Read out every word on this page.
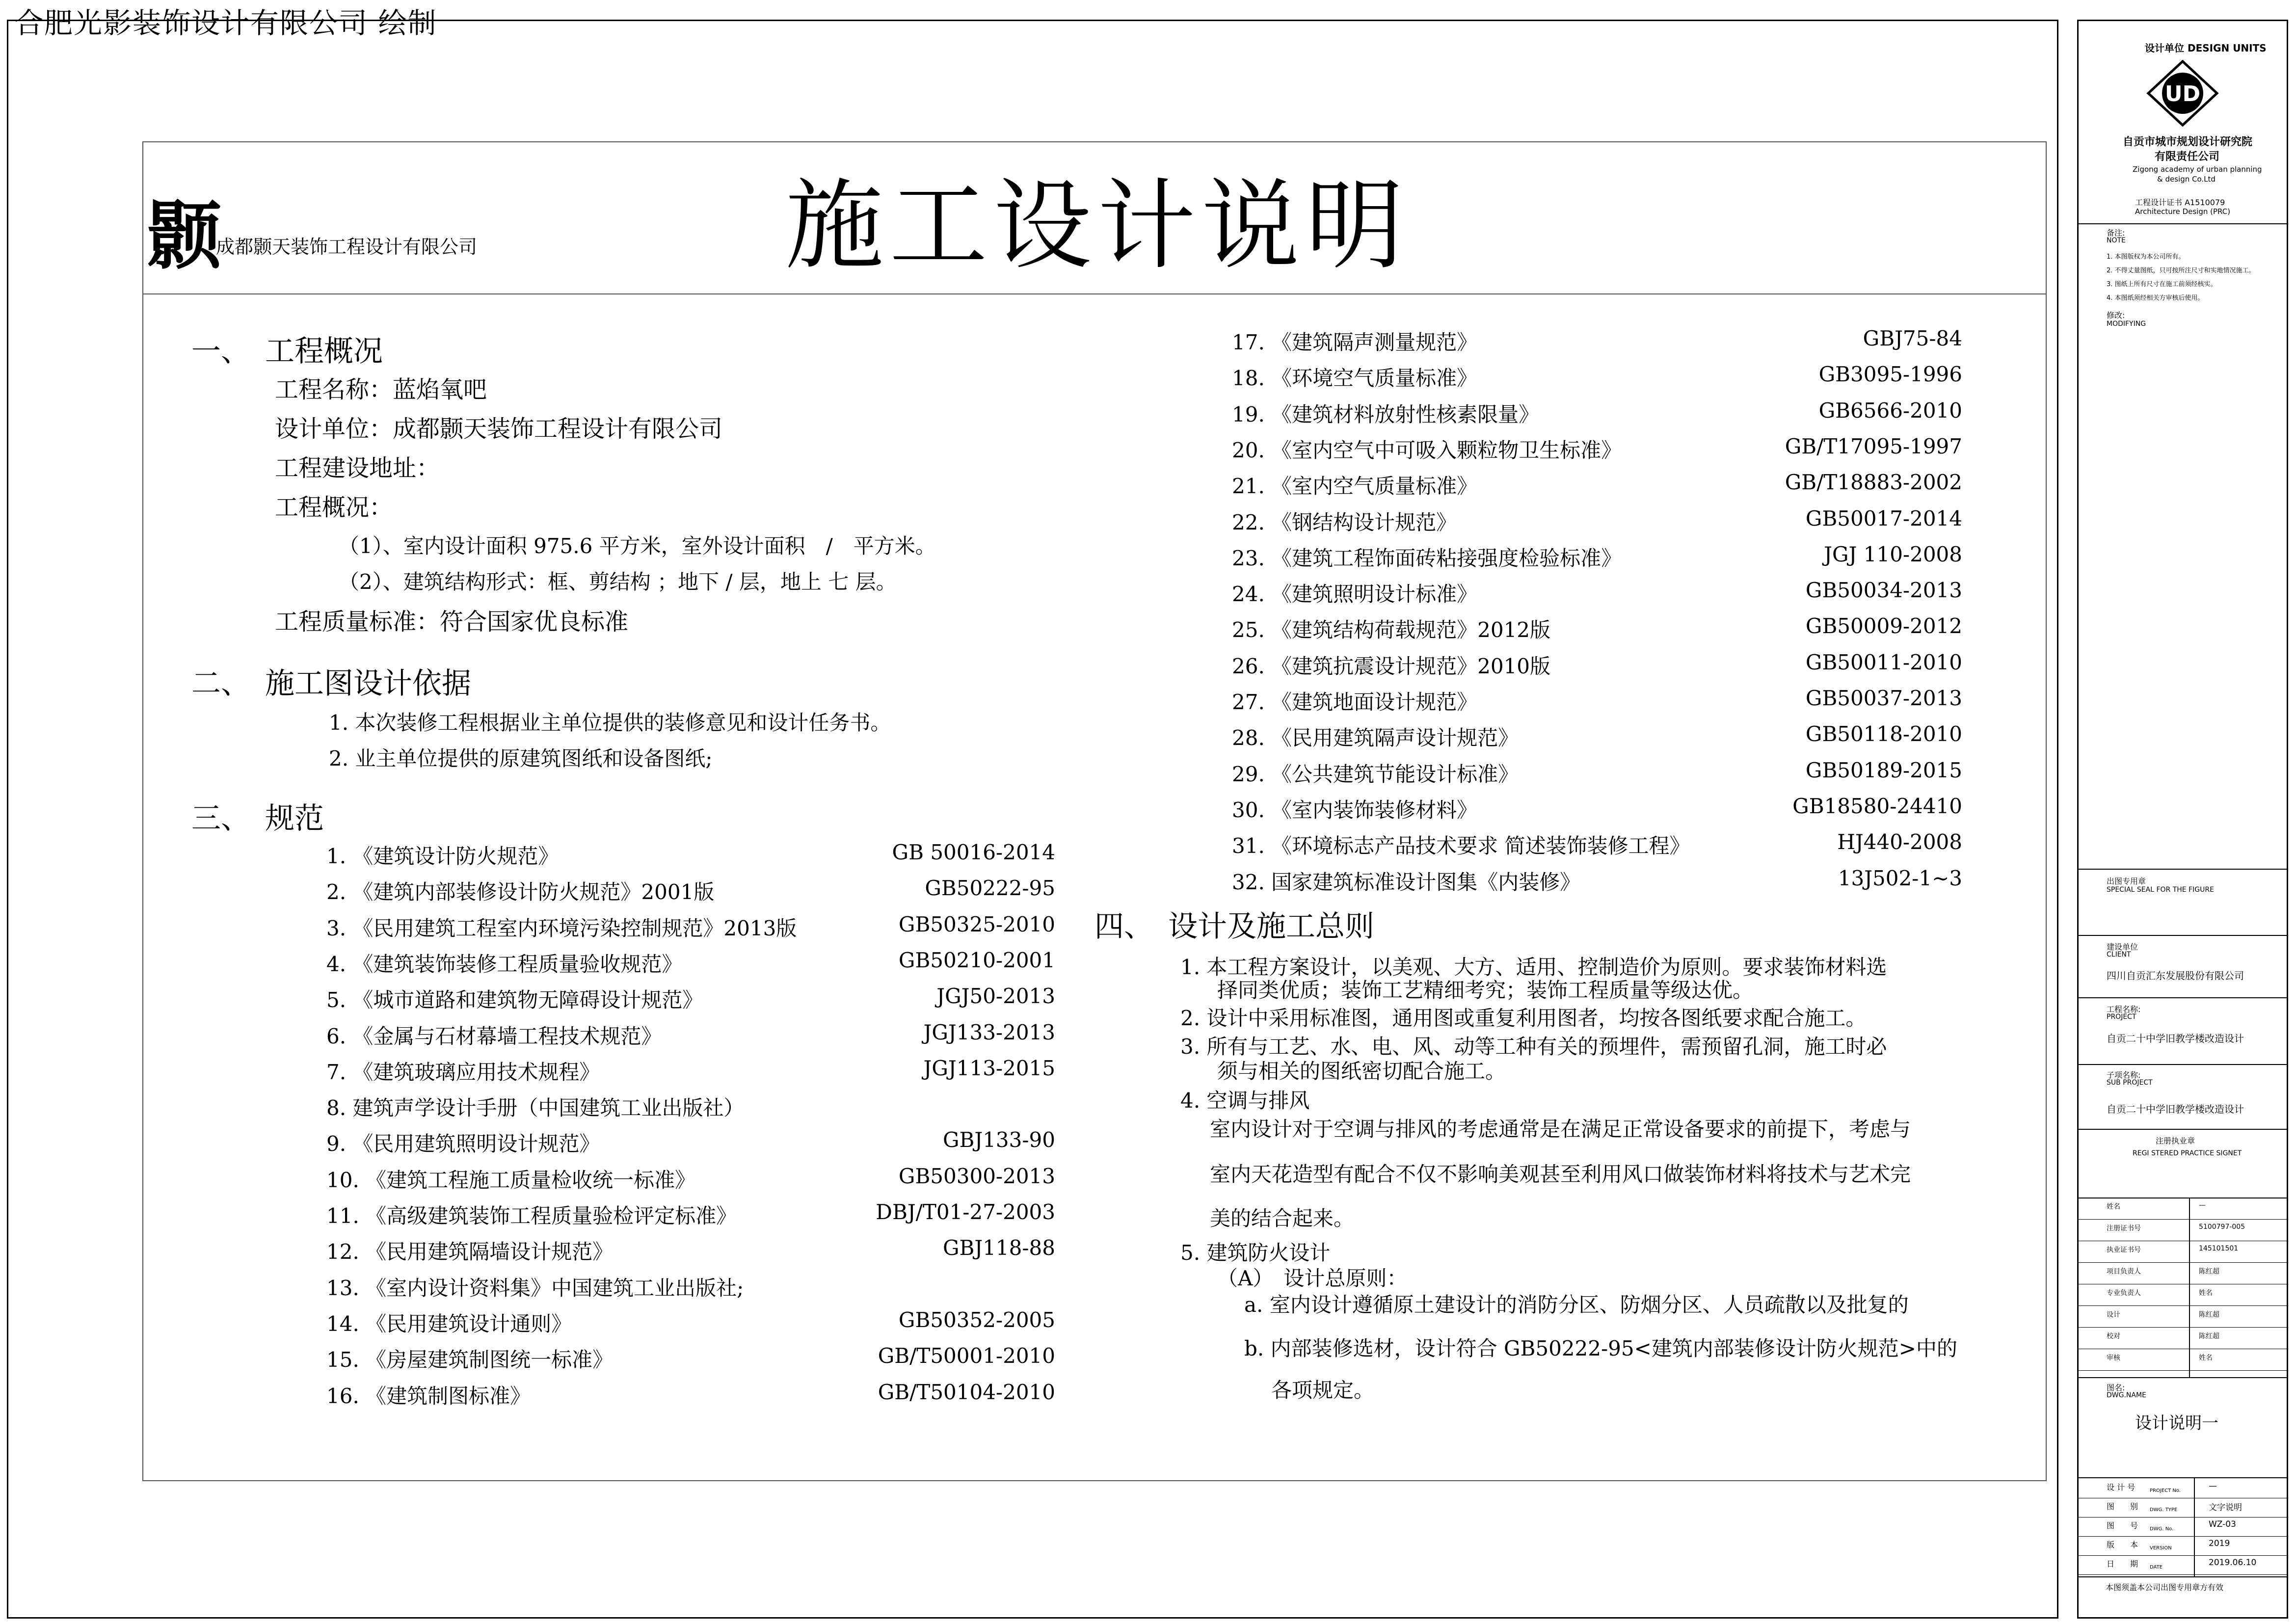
合肥光影装饰设计有限公司 绘制
颢
成都颢天装饰工程设计有限公司	施工设计说明
一、　工程概况
工程名称：蓝焰氧吧
设计单位：成都颢天装饰工程设计有限公司
工程建设地址：
工程概况：
（1）、室内设计面积 975.6 平方米，室外设计面积　/　平方米。
（2）、建筑结构形式：框、剪结构 ；地下 / 层，地上 七 层。
工程质量标准：符合国家优良标准
二、　施工图设计依据
1. 本次装修工程根据业主单位提供的装修意见和设计任务书。
2. 业主单位提供的原建筑图纸和设备图纸;
三、　规范
1. 《建筑设计防火规范》	GB 50016-2014
2. 《建筑内部装修设计防火规范》2001版	GB50222-95
3. 《民用建筑工程室内环境污染控制规范》2013版	GB50325-2010
4. 《建筑装饰装修工程质量验收规范》	GB50210-2001
5. 《城市道路和建筑物无障碍设计规范》	JGJ50-2013
6. 《金属与石材幕墙工程技术规范》	JGJ133-2013
7. 《建筑玻璃应用技术规程》	JGJ113-2015
8. 建筑声学设计手册（中国建筑工业出版社）
9. 《民用建筑照明设计规范》	GBJ133-90
10. 《建筑工程施工质量检收统一标准》	GB50300-2013
11. 《高级建筑装饰工程质量验检评定标准》	DBJ/T01-27-2003
12. 《民用建筑隔墙设计规范》	GBJ118-88
13. 《室内设计资料集》中国建筑工业出版社;
14. 《民用建筑设计通则》	GB50352-2005
15. 《房屋建筑制图统一标准》	GB/T50001-2010
16. 《建筑制图标准》	GB/T50104-2010
17. 《建筑隔声测量规范》	GBJ75-84
18. 《环境空气质量标准》	GB3095-1996
19. 《建筑材料放射性核素限量》	GB6566-2010
20. 《室内空气中可吸入颗粒物卫生标准》	GB/T17095-1997
21. 《室内空气质量标准》	GB/T18883-2002
22. 《钢结构设计规范》	GB50017-2014
23. 《建筑工程饰面砖粘接强度检验标准》	JGJ 110-2008
24. 《建筑照明设计标准》	GB50034-2013
25. 《建筑结构荷载规范》2012版	GB50009-2012
26. 《建筑抗震设计规范》2010版	GB50011-2010
27. 《建筑地面设计规范》	GB50037-2013
28. 《民用建筑隔声设计规范》	GB50118-2010
29. 《公共建筑节能设计标准》	GB50189-2015
30. 《室内装饰装修材料》	GB18580-24410
31. 《环境标志产品技术要求 简述装饰装修工程》	HJ440-2008
32. 国家建筑标准设计图集《内装修》	13J502-1~3
四、　设计及施工总则
1. 本工程方案设计，以美观、大方、适用、控制造价为原则。要求装饰材料选
择同类优质；装饰工艺精细考究；装饰工程质量等级达优。
2. 设计中采用标准图，通用图或重复利用图者，均按各图纸要求配合施工。
3. 所有与工艺、水、电、风、动等工种有关的预埋件，需预留孔洞，施工时必
须与相关的图纸密切配合施工。
4. 空调与排风
室内设计对于空调与排风的考虑通常是在满足正常设备要求的前提下，考虑与
室内天花造型有配合不仅不影响美观甚至利用风口做装饰材料将技术与艺术完
美的结合起来。
5. 建筑防火设计
（A）　设计总原则：
a. 室内设计遵循原土建设计的消防分区、防烟分区、人员疏散以及批复的
b. 内部装修选材，设计符合 GB50222-95<建筑内部装修设计防火规范>中的
各项规定。
设计单位 DESIGN UNITS
UD
自贡市城市规划设计研究院
有限责任公司
Zigong academy of urban planning
& design Co.Ltd
工程设计证书 A1510079
Architecture Design (PRC)
备注:
NOTE
1. 本图版权为本公司所有。
2. 不得丈量图纸，只可按所注尺寸和实地情况施工。
3. 图纸上所有尺寸在施工前须经核实。
4. 本图纸须经相关方审核后使用。
修改:
MODIFYING
出图专用章
SPECIAL SEAL FOR THE FIGURE
建设单位
CLIENT
四川自贡汇东发展股份有限公司
工程名称:
PROJECT
自贡二十中学旧教学楼改造设计
子项名称:
SUB PROJECT
自贡二十中学旧教学楼改造设计
注册执业章
REGI STERED PRACTICE SIGNET
姓名	—
注册证书号	5100797-005
执业证书号	145101501
项目负责人	陈红超
专业负责人	姓名
设计	陈红超
校对	陈红超
审核	姓名
图名:
DWG.NAME
设计说明一
设 计 号	PROJECT No.	—
图　　别 DWG. TYPE	文字说明
图　　号 DWG. No.	WZ-03
版　　本 VERSION	2019
日　　期 DATE	2019.06.10
本图须盖本公司出图专用章方有效
